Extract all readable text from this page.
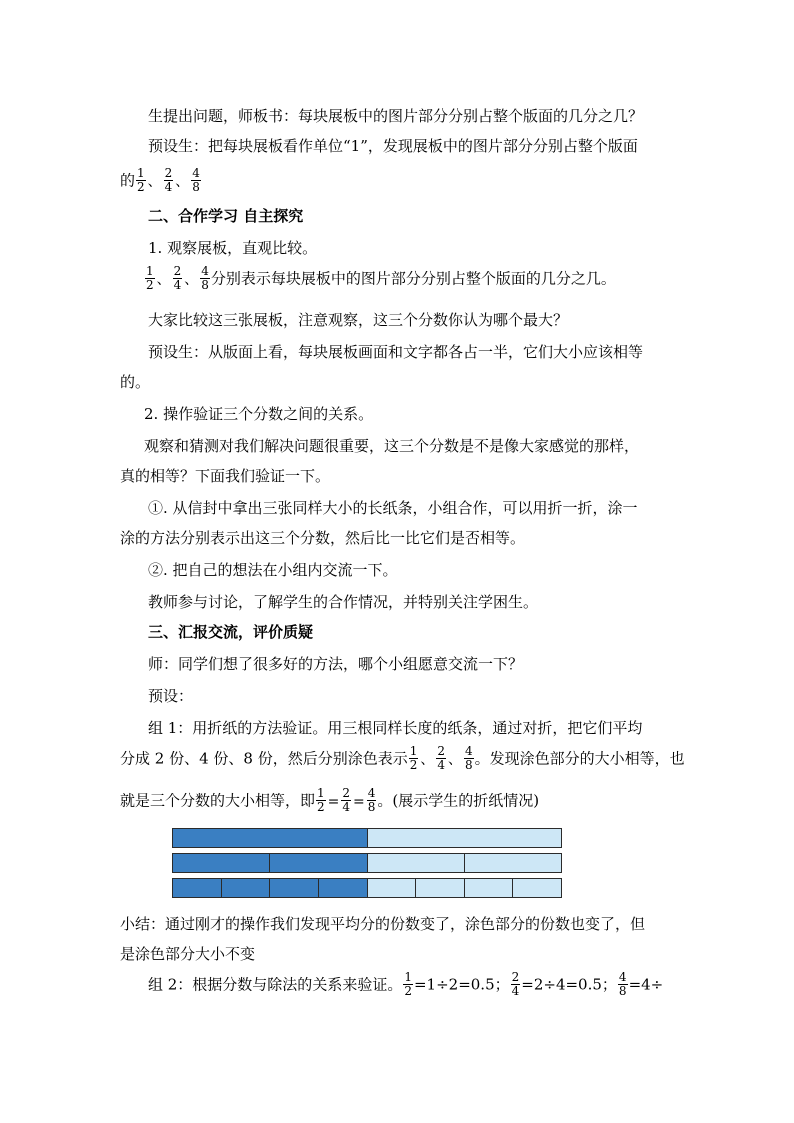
生提出问题，师板书：每块展板中的图片部分分别占整个版面的几分之几？
预设生：把每块展板看作单位“1”，发现展板中的图片部分分别占整个版面
的 $\frac{1}{2}$ 、 $\frac{2}{4}$ 、 $\frac{4}{8}$
二、合作学习 自主探究
1. 观察展板，直观比较。
$\frac{1}{2}$ 、 $\frac{2}{4}$ 、 $\frac{4}{8}$ 分别表示每块展板中的图片部分分别占整个版面的几分之几。
大家比较这三张展板，注意观察，这三个分数你认为哪个最大？
预设生：从版面上看，每块展板画面和文字都各占一半，它们大小应该相等
的。
2. 操作验证三个分数之间的关系。
观察和猜测对我们解决问题很重要，这三个分数是不是像大家感觉的那样，
真的相等？下面我们验证一下。
①. 从信封中拿出三张同样大小的长纸条，小组合作，可以用折一折，涂一
涂的方法分别表示出这三个分数，然后比一比它们是否相等。
②. 把自己的想法在小组内交流一下。
教师参与讨论，了解学生的合作情况，并特别关注学困生。
三、汇报交流，评价质疑
师：同学们想了很多好的方法，哪个小组愿意交流一下？
预设：
组 1：用折纸的方法验证。用三根同样长度的纸条，通过对折，把它们平均
分成 2 份、4 份、8 份，然后分别涂色表示 $\frac{1}{2}$ 、 $\frac{2}{4}$ 、 $\frac{4}{8}$ 。发现涂色部分的大小相等，也
就是三个分数的大小相等，即 $\frac{1}{2} = \frac{2}{4} = \frac{4}{8}$ 。(展示学生的折纸情况)
小结：通过刚才的操作我们发现平均分的份数变了，涂色部分的份数也变了，但
是涂色部分大小不变
组 2：根据分数与除法的关系来验证。 $\frac{1}{2} =1\div 2=0.5$； $\frac{2}{4} =2\div 4=0.5$； $\frac{4}{8} =4\div$
